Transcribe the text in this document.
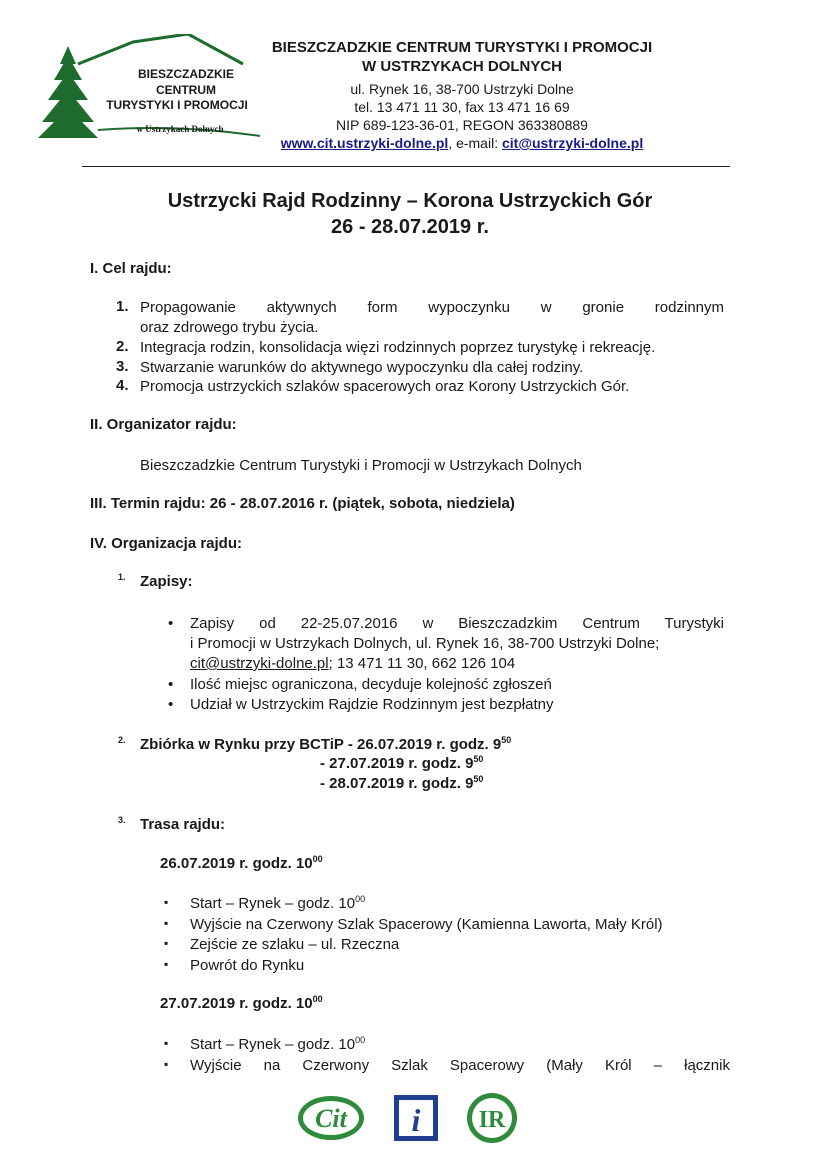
BIESZCZADZKIE
CENTRUM
TURYSTYKI I PROMOCJI
w Ustrzykach Dolnych
BIESZCZADZKIE CENTRUM TURYSTYKI I PROMOCJI
W USTRZYKACH DOLNYCH
ul. Rynek 16, 38-700 Ustrzyki Dolne
tel. 13 471 11 30, fax 13 471 16 69
NIP 689-123-36-01, REGON 363380889
www.cit.ustrzyki-dolne.pl, e-mail: cit@ustrzyki-dolne.pl
Ustrzycki Rajd Rodzinny – Korona Ustrzyckich Gór
26 - 28.07.2019 r.
I. Cel rajdu:
1. Propagowanie aktywnych form wypoczynku w gronie rodzinnym
oraz zdrowego trybu życia.
2. Integracja rodzin, konsolidacja więzi rodzinnych poprzez turystykę i rekreację.
3. Stwarzanie warunków do aktywnego wypoczynku dla całej rodziny.
4. Promocja ustrzyckich szlaków spacerowych oraz Korony Ustrzyckich Gór.
II. Organizator rajdu:
Bieszczadzkie Centrum Turystyki i Promocji w Ustrzykach Dolnych
III. Termin rajdu: 26 - 28.07.2016 r. (piątek, sobota, niedziela)
IV. Organizacja rajdu:
1. Zapisy:
• Zapisy od 22-25.07.2016 w Bieszczadzkim Centrum Turystyki
i Promocji w Ustrzykach Dolnych, ul. Rynek 16, 38-700 Ustrzyki Dolne;
cit@ustrzyki-dolne.pl; 13 471 11 30, 662 126 104
• Ilość miejsc ograniczona, decyduje kolejność zgłoszeń
• Udział w Ustrzyckim Rajdzie Rodzinnym jest bezpłatny
2. Zbiórka w Rynku przy BCTiP - 26.07.2019 r. godz. $9^{50}$
- 27.07.2019 r. godz. $9^{50}$
- 28.07.2019 r. godz. $9^{50}$
3. Trasa rajdu:
26.07.2019 r. godz. $10^{00}$
▪ Start – Rynek – godz. $10^{00}$
▪ Wyjście na Czerwony Szlak Spacerowy (Kamienna Lawortа, Mały Król)
▪ Zejście ze szlaku – ul. Rzeczna
▪ Powrót do Rynku
27.07.2019 r. godz. $10^{00}$
▪ Start – Rynek – godz. $10^{00}$
▪ Wyjście na Czerwony Szlak Spacerowy (Mały Król – łącznik
Cit i IR
